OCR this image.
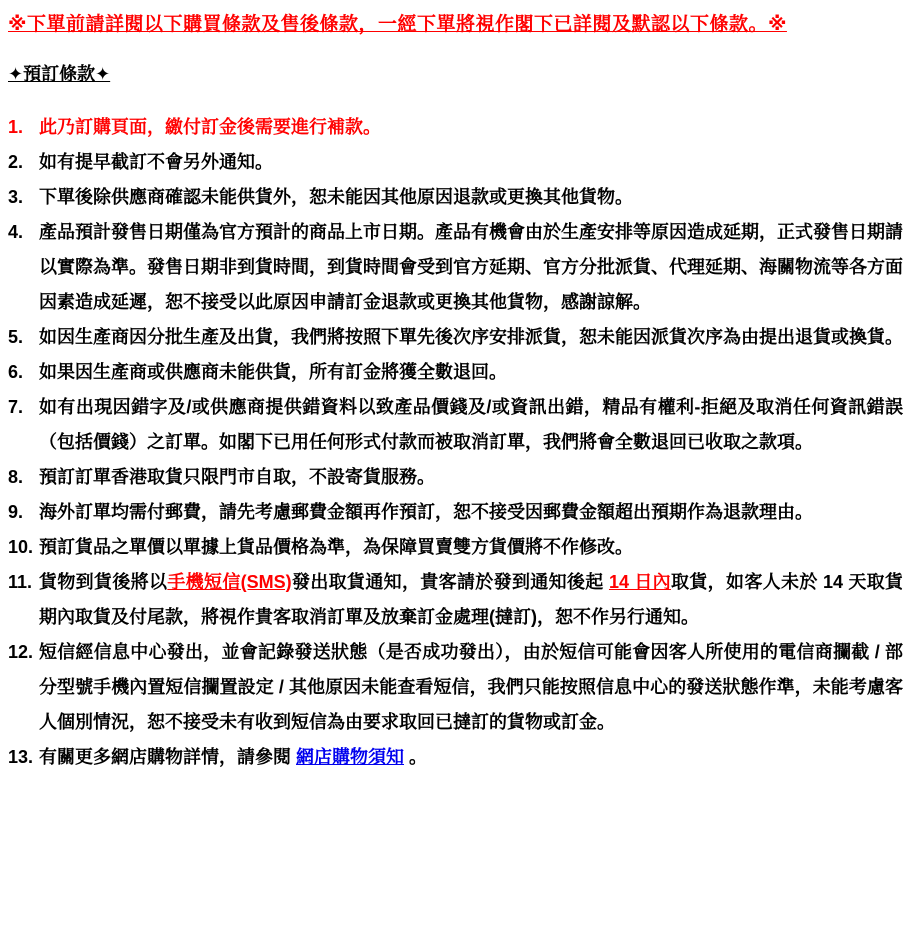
※下單前請詳閱以下購買條款及售後條款，一經下單將視作閣下已詳閱及默認以下條款。※
✦預訂條款✦
1. 此乃訂購頁面，繳付訂金後需要進行補款。
2. 如有提早截訂不會另外通知。
3. 下單後除供應商確認未能供貨外，恕未能因其他原因退款或更換其他貨物。
4. 產品預計發售日期僅為官方預計的商品上市日期。產品有機會由於生產安排等原因造成延期，正式發售日期請以實際為準。發售日期非到貨時間，到貨時間會受到官方延期、官方分批派貨、代理延期、海關物流等各方面因素造成延遲，恕不接受以此原因申請訂金退款或更換其他貨物，感謝諒解。
5. 如因生產商因分批生產及出貨，我們將按照下單先後次序安排派貨，恕未能因派貨次序為由提出退貨或換貨。
6. 如果因生產商或供應商未能供貨，所有訂金將獲全數退回。
7. 如有出現因錯字及/或供應商提供錯資料以致產品價錢及/或資訊出錯，精品有權利-拒絕及取消任何資訊錯誤（包括價錢）之訂單。如閣下已用任何形式付款而被取消訂單，我們將會全數退回已收取之款項。
8. 預訂訂單香港取貨只限門市自取，不設寄貨服務。
9. 海外訂單均需付郵費，請先考慮郵費金額再作預訂，恕不接受因郵費金額超出預期作為退款理由。
10. 預訂貨品之單價以單據上貨品價格為準，為保障買賣雙方貨價將不作修改。
11. 貨物到貨後將以手機短信(SMS)發出取貨通知，貴客請於發到通知後起 14 日內取貨，如客人未於 14 天取貨期內取貨及付尾款，將視作貴客取消訂單及放棄訂金處理(撻訂)，恕不作另行通知。
12. 短信經信息中心發出，並會記錄發送狀態（是否成功發出），由於短信可能會因客人所使用的電信商攔截 / 部分型號手機內置短信攔置設定 / 其他原因未能查看短信，我們只能按照信息中心的發送狀態作準，未能考慮客人個別情況，恕不接受未有收到短信為由要求取回已撻訂的貨物或訂金。
13. 有關更多網店購物詳情，請參閱 網店購物須知 。
